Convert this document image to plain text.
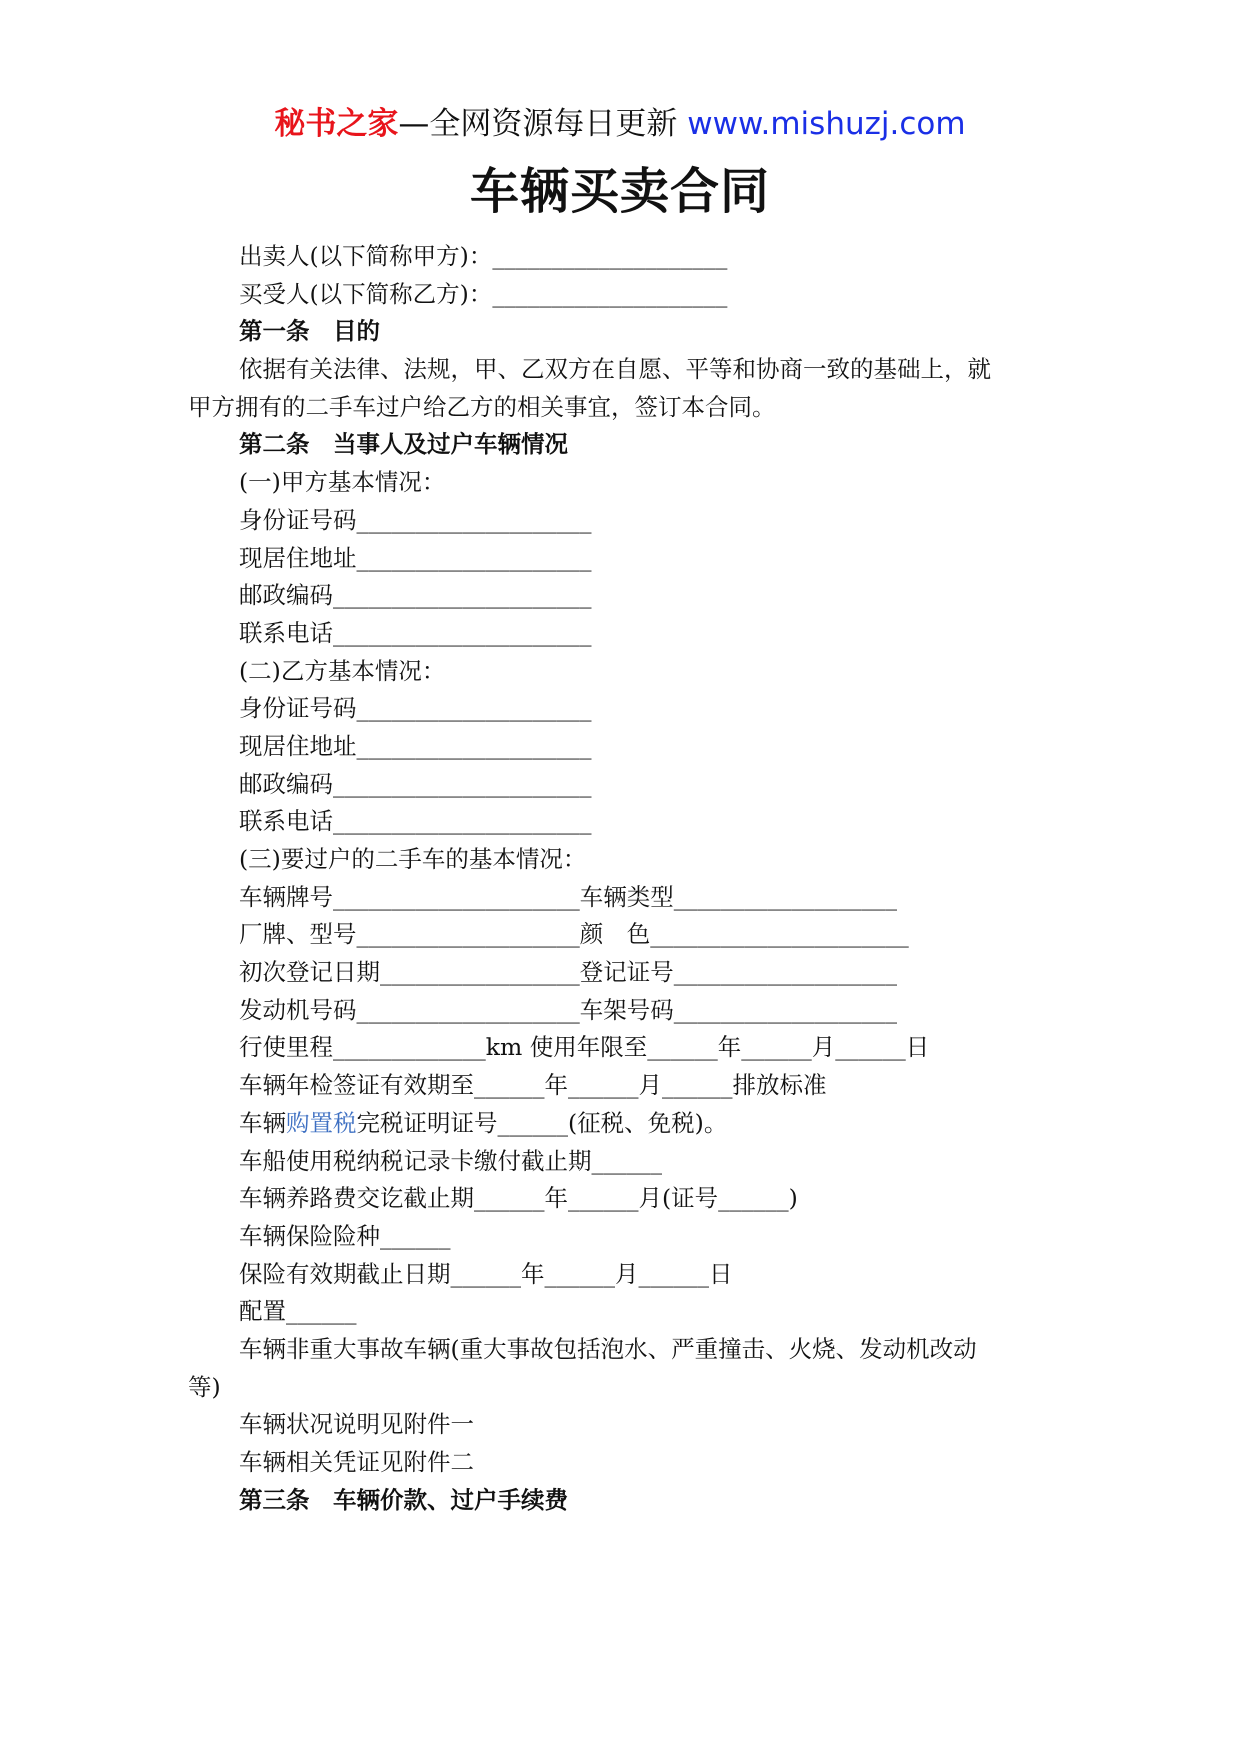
秘书之家—全网资源每日更新 www.mishuzj.com
车辆买卖合同
出卖人(以下简称甲方)：____________________
买受人(以下简称乙方)：____________________
第一条　目的
依据有关法律、法规，甲、乙双方在自愿、平等和协商一致的基础上，就
甲方拥有的二手车过户给乙方的相关事宜，签订本合同。
第二条　当事人及过户车辆情况
(一)甲方基本情况：
身份证号码____________________
现居住地址____________________
邮政编码______________________
联系电话______________________
(二)乙方基本情况：
身份证号码____________________
现居住地址____________________
邮政编码______________________
联系电话______________________
(三)要过户的二手车的基本情况：
车辆牌号_____________________车辆类型___________________
厂牌、型号___________________颜　色______________________
初次登记日期_________________登记证号___________________
发动机号码___________________车架号码___________________
行使里程_____________km 使用年限至______年______月______日
车辆年检签证有效期至______年______月______排放标准
车辆购置税完税证明证号______(征税、免税)。
车船使用税纳税记录卡缴付截止期______
车辆养路费交讫截止期______年______月(证号______)
车辆保险险种______
保险有效期截止日期______年______月______日
配置______
车辆非重大事故车辆(重大事故包括泡水、严重撞击、火烧、发动机改动
等)
车辆状况说明见附件一
车辆相关凭证见附件二
第三条　车辆价款、过户手续费
